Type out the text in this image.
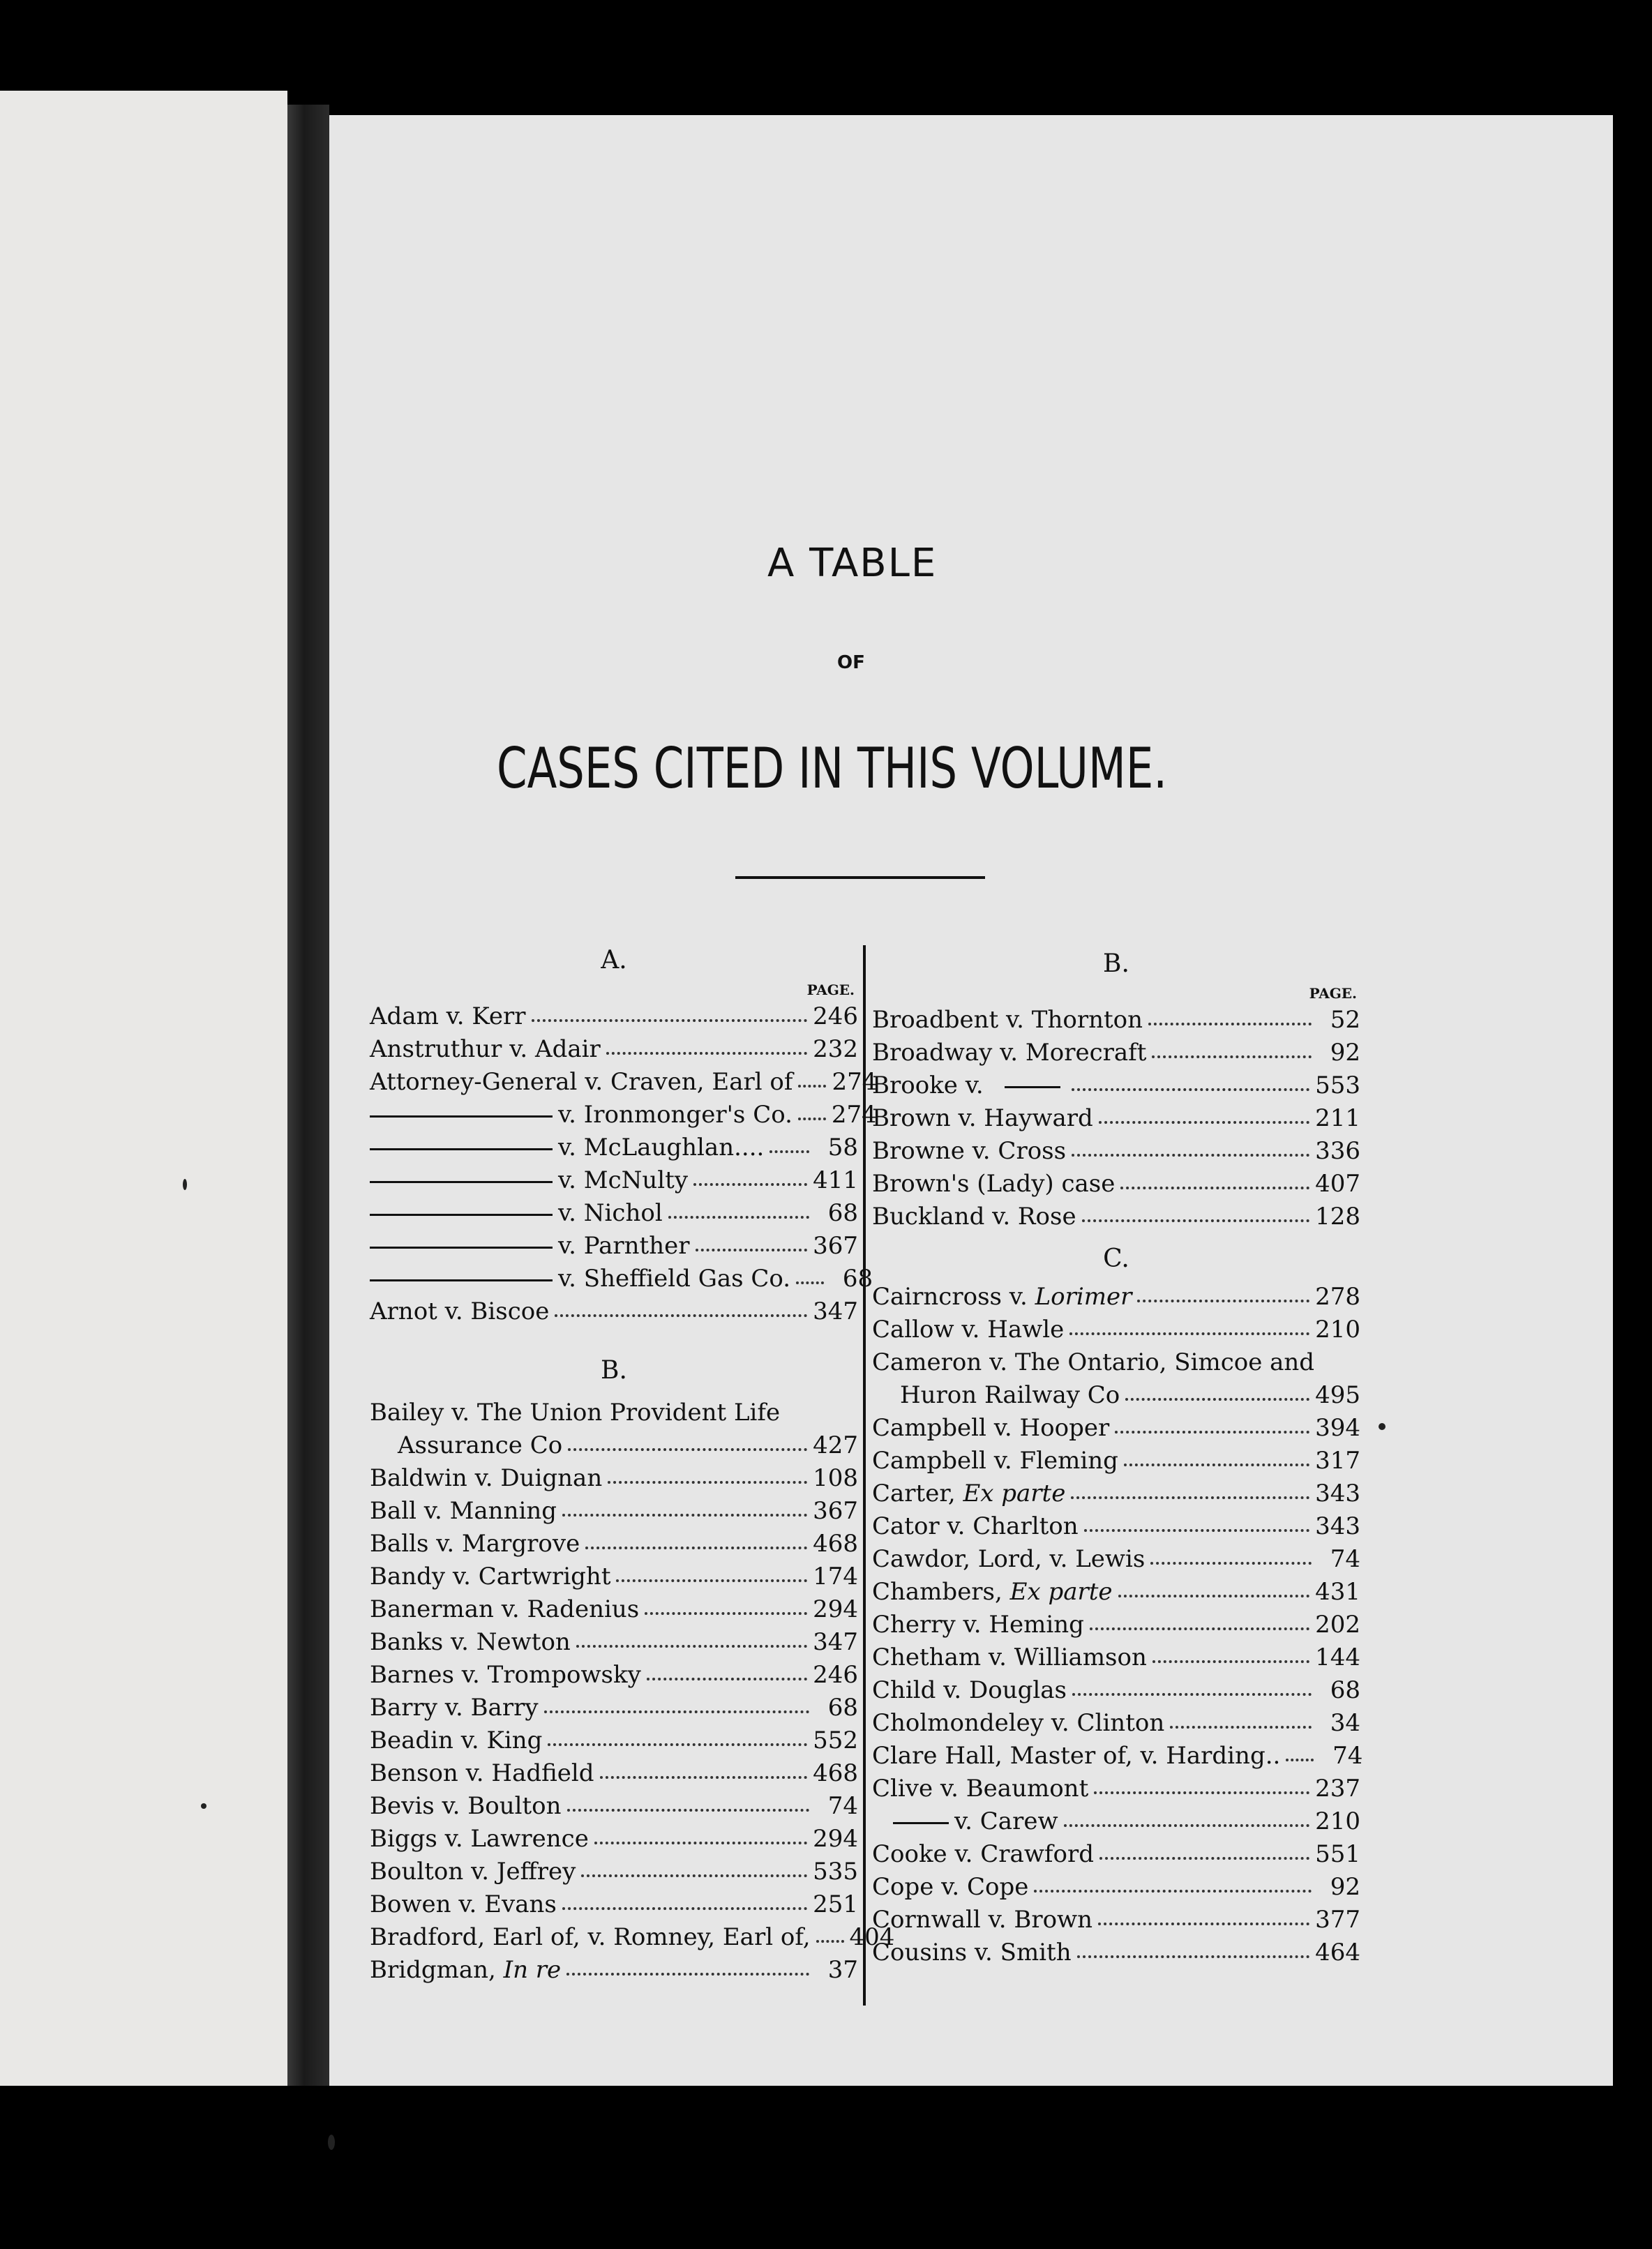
A TABLE
OF
CASES CITED IN THIS VOLUME.
A.
PAGE.
Adam v. Kerr	246
Anstruthur v. Adair	232
Attorney-General v. Craven, Earl of 274
v. Ironmonger's Co. 274
v. McLaughlan....	58
v. McNulty	411
v. Nichol	68
v. Parnther	367
v. Sheffield Gas Co.	68
Arnot v. Biscoe	347
B.
Bailey v. The Union Provident Life
Assurance Co	427
Baldwin v. Duignan	108
Ball v. Manning	367
Balls v. Margrove	468
Bandy v. Cartwright	174
Banerman v. Radenius	294
Banks v. Newton	347
Barnes v. Trompowsky	246
Barry v. Barry	68
Beadin v. King	552
Benson v. Hadfield	468
Bevis v. Boulton	74
Biggs v. Lawrence	294
Boulton v. Jeffrey	535
Bowen v. Evans	251
Bradford, Earl of, v. Romney, Earl of, 404
Bridgman, In re	37
B.
PAGE.
Broadbent v. Thornton	52
Broadway v. Morecraft	92
Brooke v.	553
Brown v. Hayward	211
Browne v. Cross	336
Brown's (Lady) case	407
Buckland v. Rose	128
C.
Cairncross v. Lorimer	278
Callow v. Hawle	210
Cameron v. The Ontario, Simcoe and
Huron Railway Co	495
Campbell v. Hooper	394
Campbell v. Fleming	317
Carter, Ex parte	343
Cator v. Charlton	343
Cawdor, Lord, v. Lewis	74
Chambers, Ex parte	431
Cherry v. Heming	202
Chetham v. Williamson	144
Child v. Douglas	68
Cholmondeley v. Clinton	34
Clare Hall, Master of, v. Harding..	74
Clive v. Beaumont	237
v. Carew	210
Cooke v. Crawford	551
Cope v. Cope	92
Cornwall v. Brown	377
Cousins v. Smith	464
